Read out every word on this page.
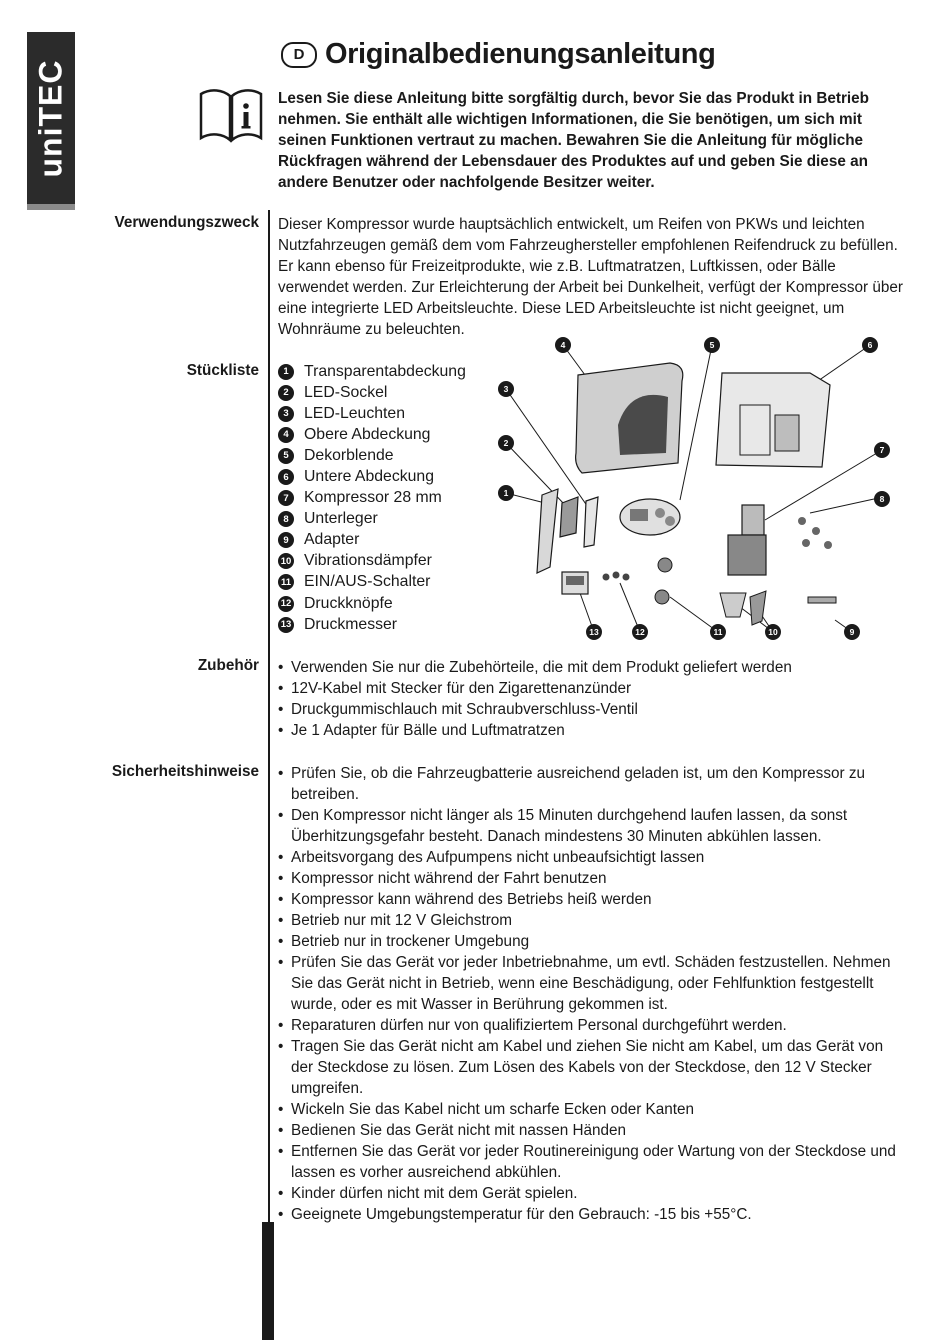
uniTEC
D Originalbedienungsanleitung
Lesen Sie diese Anleitung bitte sorgfältig durch, bevor Sie das Produkt in Betrieb nehmen. Sie enthält alle wichtigen Informationen, die Sie benötigen, um sich mit seinen Funktionen vertraut zu machen. Bewahren Sie die Anleitung für mögliche Rückfragen während der Lebensdauer des Produktes auf und geben Sie diese an andere Benutzer oder nachfolgende Besitzer weiter.
Verwendungszweck Dieser Kompressor wurde hauptsächlich entwickelt, um Reifen von PKWs und leichten Nutzfahrzeugen gemäß dem vom Fahrzeughersteller empfohlenen Reifendruck zu befüllen. Er kann ebenso für Freizeitprodukte, wie z.B. Luftmatratzen, Luftkissen, oder Bälle verwendet werden. Zur Erleichterung der Arbeit bei Dunkelheit, verfügt der Kompressor über eine integrierte LED Arbeitsleuchte. Diese LED Arbeitsleuchte ist nicht geeignet, um Wohnräume zu beleuchten.
Stückliste	1 Transparentabdeckung
2 LED-Sockel
3 LED-Leuchten
4 Obere Abdeckung
5 Dekorblende
6 Untere Abdeckung
7 Kompressor 28 mm
8 Unterleger
9 Adapter
10 Vibrationsdämpfer
11 EIN/AUS-Schalter
12 Druckknöpfe
13 Druckmesser
4	5	6
3
2
1
7
8
9
10
11
12
13
Zubehör	• Verwenden Sie nur die Zubehörteile, die mit dem Produkt geliefert werden
• 12V-Kabel mit Stecker für den Zigarettenanzünder
• Druckgummischlauch mit Schraubverschluss-Ventil
• Je 1 Adapter für Bälle und Luftmatratzen
Sicherheitshinweise	• Prüfen Sie, ob die Fahrzeugbatterie ausreichend geladen ist, um den Kompressor zu betreiben.
• Den Kompressor nicht länger als 15 Minuten durchgehend laufen lassen, da sonst Überhitzungsgefahr besteht. Danach mindestens 30 Minuten abkühlen lassen.
• Arbeitsvorgang des Aufpumpens nicht unbeaufsichtigt lassen
• Kompressor nicht während der Fahrt benutzen
• Kompressor kann während des Betriebs heiß werden
• Betrieb nur mit 12 V Gleichstrom
• Betrieb nur in trockener Umgebung
• Prüfen Sie das Gerät vor jeder Inbetriebnahme, um evtl. Schäden festzustellen. Nehmen Sie das Gerät nicht in Betrieb, wenn eine Beschädigung, oder Fehlfunktion festgestellt wurde, oder es mit Wasser in Berührung gekommen ist.
• Reparaturen dürfen nur von qualifiziertem Personal durchgeführt werden.
• Tragen Sie das Gerät nicht am Kabel und ziehen Sie nicht am Kabel, um das Gerät von der Steckdose zu lösen. Zum Lösen des Kabels von der Steckdose, den 12 V Stecker umgreifen.
• Wickeln Sie das Kabel nicht um scharfe Ecken oder Kanten
• Bedienen Sie das Gerät nicht mit nassen Händen
• Entfernen Sie das Gerät vor jeder Routinereinigung oder Wartung von der Steckdose und lassen es vorher ausreichend abkühlen.
• Kinder dürfen nicht mit dem Gerät spielen.
• Geeignete Umgebungstemperatur für den Gebrauch: -15 bis +55°C.
